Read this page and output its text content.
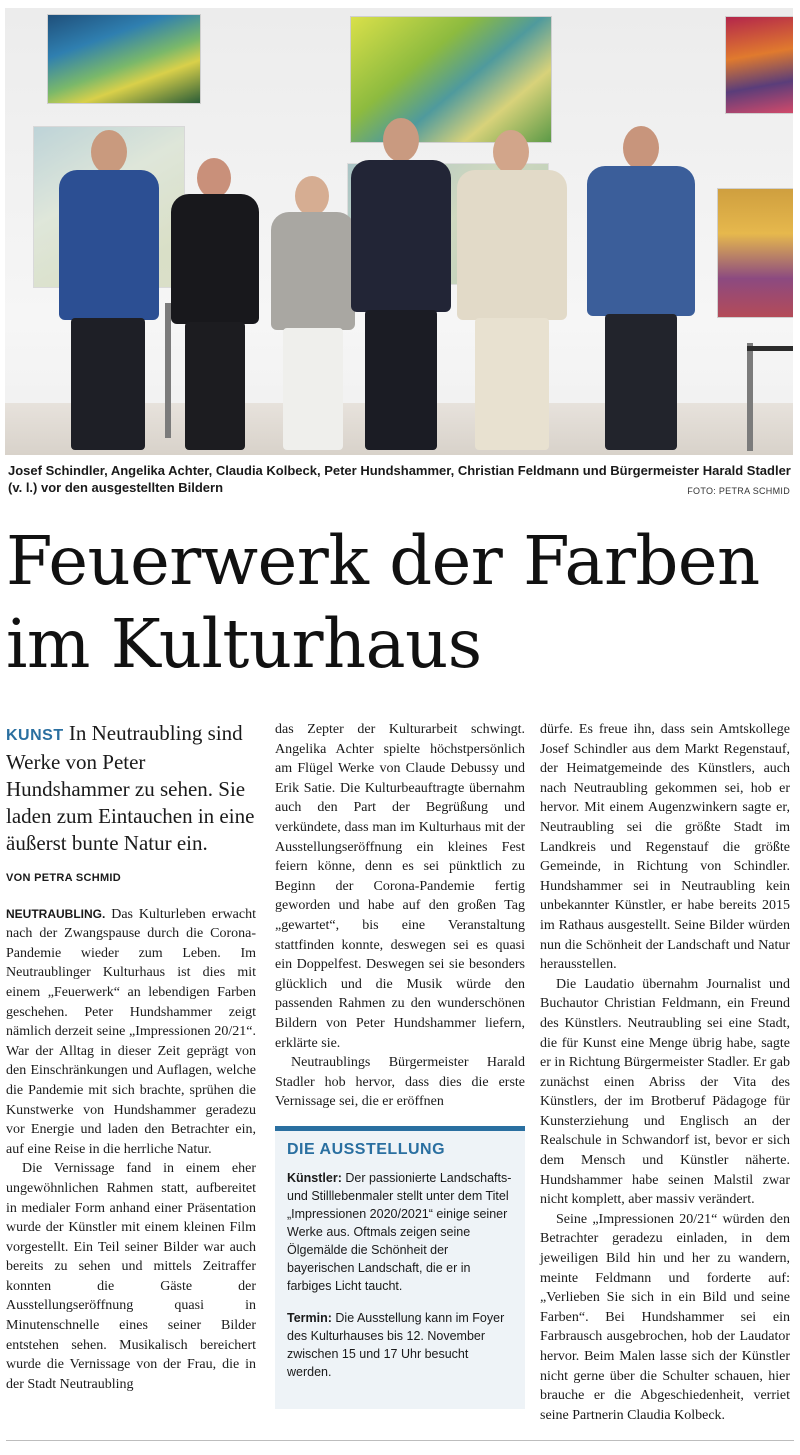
Josef Schindler, Angelika Achter, Claudia Kolbeck, Peter Hundshammer, Christian Feldmann und Bürgermeister Harald Stadler (v. l.) vor den ausgestellten Bildern	FOTO: PETRA SCHMID
Feuerwerk der Farben
im Kulturhaus
KUNST In Neutraubling sind Werke von Peter Hundshammer zu sehen. Sie laden zum Eintauchen in eine äußerst bunte Natur ein.
VON PETRA SCHMID

NEUTRAUBLING. Das Kulturleben erwacht nach der Zwangspause durch die Corona-Pandemie wieder zum Leben. Im Neutraublinger Kulturhaus ist dies mit einem „Feuerwerk“ an lebendigen Farben geschehen. Peter Hundshammer zeigt nämlich derzeit seine „Impressionen 20/21“. War der Alltag in dieser Zeit geprägt von den Einschränkungen und Auflagen, welche die Pandemie mit sich brachte, sprühen die Kunstwerke von Hundshammer geradezu vor Energie und laden den Betrachter ein, auf eine Reise in die herrliche Natur.

Die Vernissage fand in einem eher ungewöhnlichen Rahmen statt, aufbereitet in medialer Form anhand einer Präsentation wurde der Künstler mit einem kleinen Film vorgestellt. Ein Teil seiner Bilder war auch bereits zu sehen und mittels Zeitraffer konnten die Gäste der Ausstellungseröffnung quasi in Minutenschnelle eines seiner Bilder entstehen sehen. Musikalisch bereichert wurde die Vernissage von der Frau, die in der Stadt Neutraubling

das Zepter der Kulturarbeit schwingt. Angelika Achter spielte höchstpersönlich am Flügel Werke von Claude Debussy und Erik Satie. Die Kulturbeauftragte übernahm auch den Part der Begrüßung und verkündete, dass man im Kulturhaus mit der Ausstellungseröffnung ein kleines Fest feiern könne, denn es sei pünktlich zu Beginn der Corona-Pandemie fertig geworden und habe auf den großen Tag „gewartet“, bis eine Veranstaltung stattfinden konnte, deswegen sei es quasi ein Doppelfest. Deswegen sei sie besonders glücklich und die Musik würde den passenden Rahmen zu den wunderschönen Bildern von Peter Hundshammer liefern, erklärte sie.

Neutraublings Bürgermeister Harald Stadler hob hervor, dass dies die erste Vernissage sei, die er eröffnen

DIE AUSSTELLUNG

Künstler: Der passionierte Landschafts- und Stilllebenmaler stellt unter dem Titel „Impressionen 2020/2021“ einige seiner Werke aus. Oftmals zeigen seine Ölgemälde die Schönheit der bayerischen Landschaft, die er in farbiges Licht taucht.

Termin: Die Ausstellung kann im Foyer des Kulturhauses bis 12. November zwischen 15 und 17 Uhr besucht werden.

dürfe. Es freue ihn, dass sein Amtskollege Josef Schindler aus dem Markt Regenstauf, der Heimatgemeinde des Künstlers, auch nach Neutraubling gekommen sei, hob er hervor. Mit einem Augenzwinkern sagte er, Neutraubling sei die größte Stadt im Landkreis und Regenstauf die größte Gemeinde, in Richtung von Schindler. Hundshammer sei in Neutraubling kein unbekannter Künstler, er habe bereits 2015 im Rathaus ausgestellt. Seine Bilder würden nun die Schönheit der Landschaft und Natur herausstellen.

Die Laudatio übernahm Journalist und Buchautor Christian Feldmann, ein Freund des Künstlers. Neutraubling sei eine Stadt, die für Kunst eine Menge übrig habe, sagte er in Richtung Bürgermeister Stadler. Er gab zunächst einen Abriss der Vita des Künstlers, der im Brotberuf Pädagoge für Kunsterziehung und Englisch an der Realschule in Schwandorf ist, bevor er sich dem Mensch und Künstler näherte. Hundshammer habe seinen Malstil zwar nicht komplett, aber massiv verändert.

Seine „Impressionen 20/21“ würden den Betrachter geradezu einladen, in dem jeweiligen Bild hin und her zu wandern, meinte Feldmann und forderte auf: „Verlieben Sie sich in ein Bild und seine Farben“. Bei Hundshammer sei ein Farbrausch ausgebrochen, hob der Laudator hervor. Beim Malen lasse sich der Künstler nicht gerne über die Schulter schauen, hier brauche er die Abgeschiedenheit, verriet seine Partnerin Claudia Kolbeck.
